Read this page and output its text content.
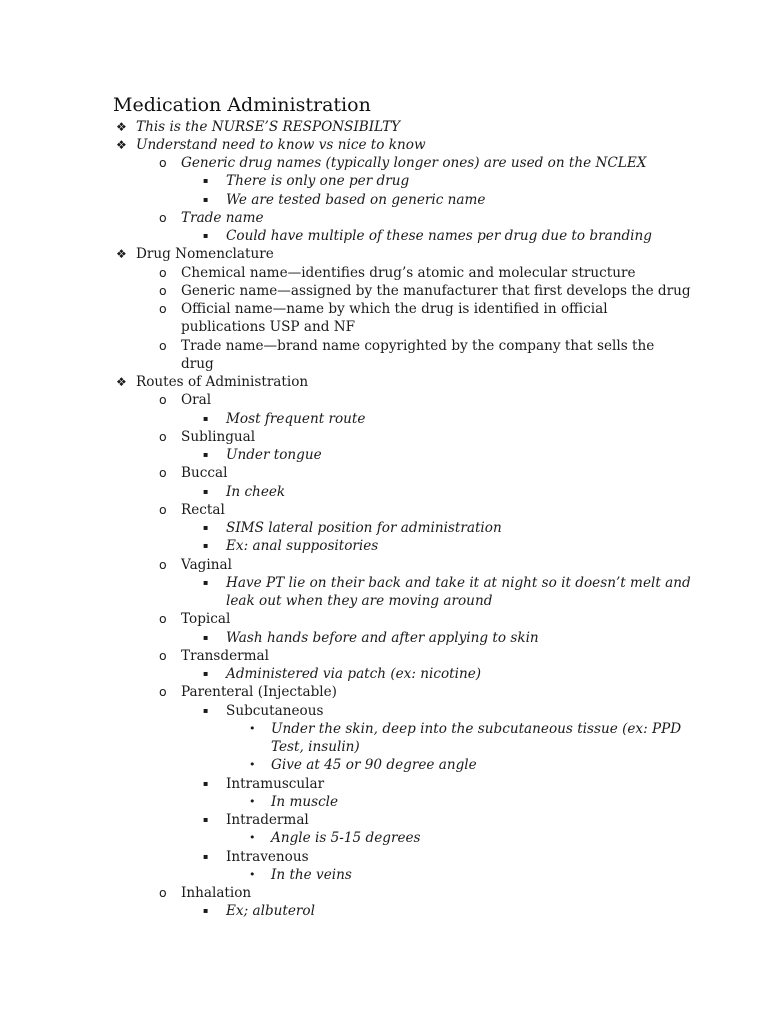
Medication Administration
❖ This is the NURSE’S RESPONSIBILTY
❖ Understand need to know vs nice to know
o Generic drug names (typically longer ones) are used on the NCLEX
▪ There is only one per drug
▪ We are tested based on generic name
o Trade name
▪ Could have multiple of these names per drug due to branding
❖ Drug Nomenclature
o Chemical name—identifies drug’s atomic and molecular structure
o Generic name—assigned by the manufacturer that first develops the drug
o Official name—name by which the drug is identified in official
publications USP and NF
o Trade name—brand name copyrighted by the company that sells the
drug
❖ Routes of Administration
o Oral
▪ Most frequent route
o Sublingual
▪ Under tongue
o Buccal
▪ In cheek
o Rectal
▪ SIMS lateral position for administration
▪ Ex: anal suppositories
o Vaginal
▪ Have PT lie on their back and take it at night so it doesn’t melt and
leak out when they are moving around
o Topical
▪ Wash hands before and after applying to skin
o Transdermal
▪ Administered via patch (ex: nicotine)
o Parenteral (Injectable)
▪ Subcutaneous
• Under the skin, deep into the subcutaneous tissue (ex: PPD
Test, insulin)
• Give at 45 or 90 degree angle
▪ Intramuscular
• In muscle
▪ Intradermal
• Angle is 5-15 degrees
▪ Intravenous
• In the veins
o Inhalation
▪ Ex; albuterol
